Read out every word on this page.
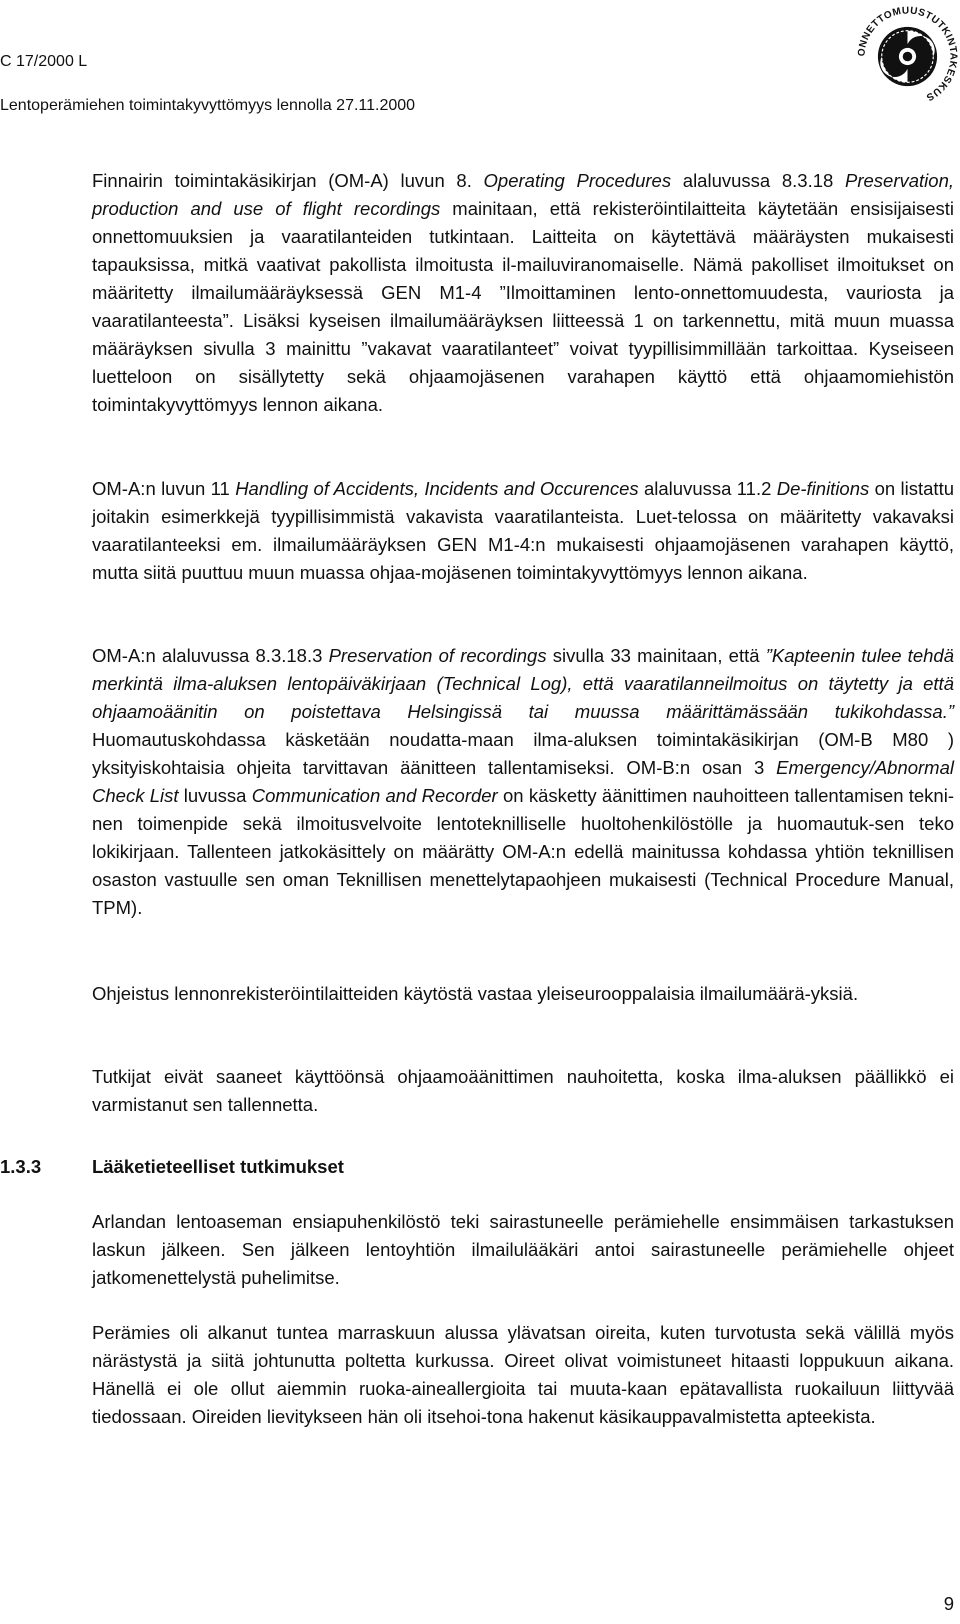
C 17/2000 L
Lentoperämiehen toimintakyvyttömyys lennolla 27.11.2000
ONNETTOMUUSTUTKINTAKESKUS

Finnairin toimintakäsikirjan (OM-A) luvun 8. Operating Procedures alaluvussa 8.3.18 Preservation, production and use of flight recordings mainitaan, että rekisteröintilaitteita käytetään ensisijaisesti onnettomuuksien ja vaaratilanteiden tutkintaan. Laitteita on käytettävä määräysten mukaisesti tapauksissa, mitkä vaativat pakollista ilmoitusta il-mailuviranomaiselle. Nämä pakolliset ilmoitukset on määritetty ilmailumääräyksessä GEN M1-4 ”Ilmoittaminen lento-onnettomuudesta, vauriosta ja vaaratilanteesta”. Lisäksi kyseisen ilmailumääräyksen liitteessä 1 on tarkennettu, mitä muun muassa määräyksen sivulla 3 mainittu ”vakavat vaaratilanteet” voivat tyypillisimmillään tarkoittaa. Kyseiseen luetteloon on sisällytetty sekä ohjaamojäsenen varahapen käyttö että ohjaamomiehistön toimintakyvyttömyys lennon aikana.

OM-A:n luvun 11 Handling of Accidents, Incidents and Occurences alaluvussa 11.2 De-finitions on listattu joitakin esimerkkejä tyypillisimmistä vakavista vaaratilanteista. Luet-telossa on määritetty vakavaksi vaaratilanteeksi em. ilmailumääräyksen GEN M1-4:n mukaisesti ohjaamojäsenen varahapen käyttö, mutta siitä puuttuu muun muassa ohjaa-mojäsenen toimintakyvyttömyys lennon aikana.

OM-A:n alaluvussa 8.3.18.3 Preservation of recordings sivulla 33 mainitaan, että ”Kapteenin tulee tehdä merkintä ilma-aluksen lentopäiväkirjaan (Technical Log), että vaaratilanneilmoitus on täytetty ja että ohjaamoäänitin on poistettava Helsingissä tai muussa määrittämässään tukikohdassa.” Huomautuskohdassa käsketään noudatta-maan ilma-aluksen toimintakäsikirjan (OM-B M80 ) yksityiskohtaisia ohjeita tarvittavan äänitteen tallentamiseksi. OM-B:n osan 3 Emergency/Abnormal Check List luvussa Communication and Recorder on käsketty äänittimen nauhoitteen tallentamisen tekni-nen toimenpide sekä ilmoitusvelvoite lentoteknilliselle huoltohenkilöstölle ja huomautuk-sen teko lokikirjaan. Tallenteen jatkokäsittely on määrätty OM-A:n edellä mainitussa kohdassa yhtiön teknillisen osaston vastuulle sen oman Teknillisen menettelytapaohjeen mukaisesti (Technical Procedure Manual, TPM).

Ohjeistus lennonrekisteröintilaitteiden käytöstä vastaa yleiseurooppalaisia ilmailumäärä-yksiä.

Tutkijat eivät saaneet käyttöönsä ohjaamoäänittimen nauhoitetta, koska ilma-aluksen päällikkö ei varmistanut sen tallennetta.

1.3.3	Lääketieteelliset tutkimukset

Arlandan lentoaseman ensiapuhenkilöstö teki sairastuneelle perämiehelle ensimmäisen tarkastuksen laskun jälkeen. Sen jälkeen lentoyhtiön ilmailulääkäri antoi sairastuneelle perämiehelle ohjeet jatkomenettelystä puhelimitse.

Perämies oli alkanut tuntea marraskuun alussa ylävatsan oireita, kuten turvotusta sekä välillä myös närästystä ja siitä johtunutta poltetta kurkussa. Oireet olivat voimistuneet hitaasti loppukuun aikana. Hänellä ei ole ollut aiemmin ruoka-aineallergioita tai muuta-kaan epätavallista ruokailuun liittyvää tiedossaan. Oireiden lievitykseen hän oli itsehoi-tona hakenut käsikauppavalmistetta apteekista.

9
